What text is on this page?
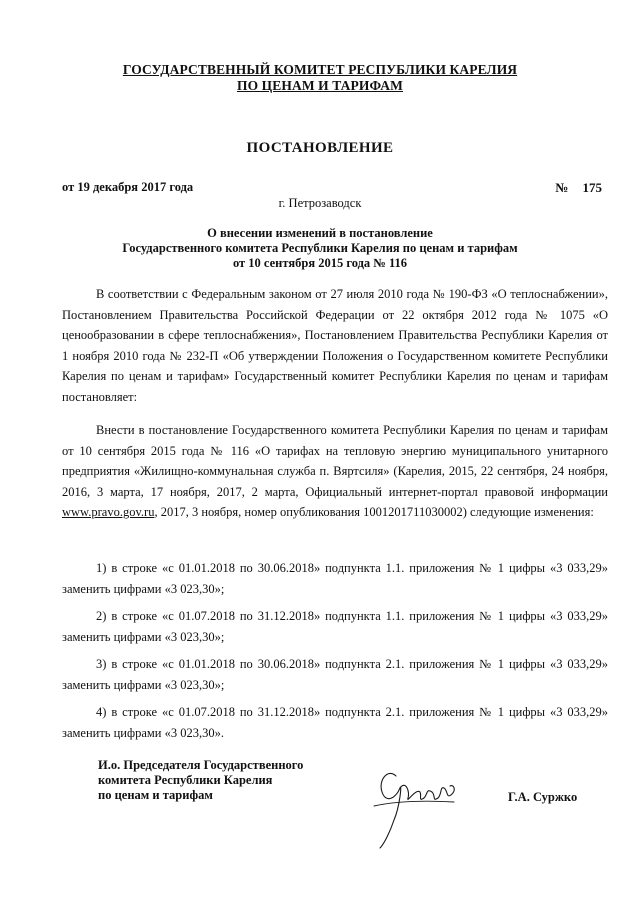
ГОСУДАРСТВЕННЫЙ КОМИТЕТ РЕСПУБЛИКИ КАРЕЛИЯ
ПО ЦЕНАМ И ТАРИФАМ
ПОСТАНОВЛЕНИЕ
от 19 декабря 2017 года	№ 175
г. Петрозаводск
О внесении изменений в постановление
Государственного комитета Республики Карелия по ценам и тарифам
от 10 сентября 2015 года № 116

В соответствии с Федеральным законом от 27 июля 2010 года № 190-ФЗ «О теплоснабжении», Постановлением Правительства Российской Федерации от 22 октября 2012 года № 1075 «О ценообразовании в сфере теплоснабжения», Постановлением Правительства Республики Карелия от 1 ноября 2010 года № 232-П «Об утверждении Положения о Государственном комитете Республики Карелия по ценам и тарифам» Государственный комитет Республики Карелия по ценам и тарифам постановляет:

Внести в постановление Государственного комитета Республики Карелия по ценам и тарифам от 10 сентября 2015 года № 116 «О тарифах на тепловую энергию муниципального унитарного предприятия «Жилищно-коммунальная служба п. Вяртсиля» (Карелия, 2015, 22 сентября, 24 ноября, 2016, 3 марта, 17 ноября, 2017, 2 марта, Официальный интернет-портал правовой информации www.pravo.gov.ru, 2017, 3 ноября, номер опубликования 1001201711030002) следующие изменения:

1) в строке «с 01.01.2018 по 30.06.2018» подпункта 1.1. приложения № 1 цифры «3 033,29» заменить цифрами «3 023,30»;

2) в строке «с 01.07.2018 по 31.12.2018» подпункта 1.1. приложения № 1 цифры «3 033,29» заменить цифрами «3 023,30»;

3) в строке «с 01.01.2018 по 30.06.2018» подпункта 2.1. приложения № 1 цифры «3 033,29» заменить цифрами «3 023,30»;

4) в строке «с 01.07.2018 по 31.12.2018» подпункта 2.1. приложения № 1 цифры «3 033,29» заменить цифрами «3 023,30».

И.о. Председателя Государственного
комитета Республики Карелия
по ценам и тарифам	Г.А. Суржко
